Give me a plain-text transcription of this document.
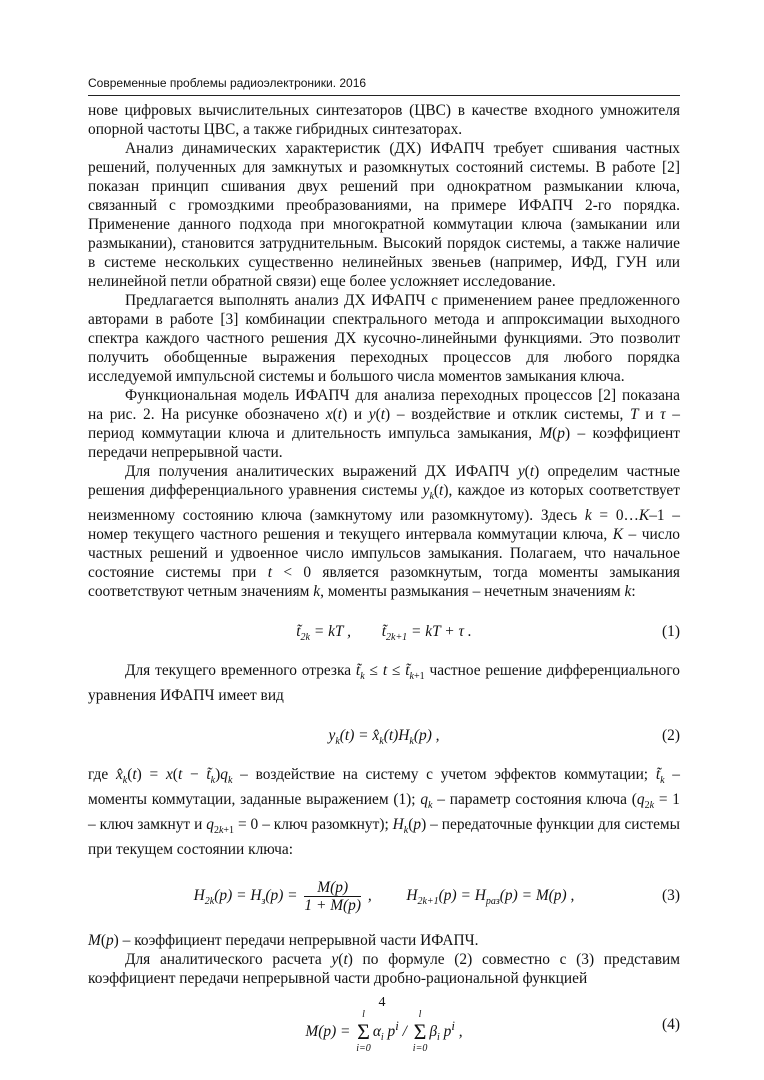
Современные проблемы радиоэлектроники. 2016

нове цифровых вычислительных синтезаторов (ЦВС) в качестве входного умножителя опорной частоты ЦВС, а также гибридных синтезаторах.

Анализ динамических характеристик (ДХ) ИФАПЧ требует сшивания частных решений, полученных для замкнутых и разомкнутых состояний системы. В работе [2] показан принцип сшивания двух решений при однократном размыкании ключа, связанный с громоздкими преобразованиями, на примере ИФАПЧ 2-го порядка. Применение данного подхода при многократной коммутации ключа (замыкании или размыкании), становится затруднительным. Высокий порядок системы, а также наличие в системе нескольких существенно нелинейных звеньев (например, ИФД, ГУН или нелинейной петли обратной связи) еще более усложняет исследование.

Предлагается выполнять анализ ДХ ИФАПЧ с применением ранее предложенного авторами в работе [3] комбинации спектрального метода и аппроксимации выходного спектра каждого частного решения ДХ кусочно-линейными функциями. Это позволит получить обобщенные выражения переходных процессов для любого порядка исследуемой импульсной системы и большого числа моментов замыкания ключа.

Функциональная модель ИФАПЧ для анализа переходных процессов [2] показана на рис. 2. На рисунке обозначено x(t) и y(t) – воздействие и отклик системы, T и τ – период коммутации ключа и длительность импульса замыкания, M(p) – коэффициент передачи непрерывной части.

Для получения аналитических выражений ДХ ИФАПЧ y(t) определим частные решения дифференциального уравнения системы $y_k(t)$, каждое из которых соответствует неизменному состоянию ключа (замкнутому или разомкнутому). Здесь k = 0…K–1 – номер текущего частного решения и текущего интервала коммутации ключа, K – число частных решений и удвоенное число импульсов замыкания. Полагаем, что начальное состояние системы при t < 0 является разомкнутым, тогда моменты замыкания соответствуют четным значениям k, моменты размыкания – нечетным значениям k:

$t̃_{2k}$ = kT ,        $t̃_{2k+1}$ = kT + τ .	(1)

Для текущего временного отрезка $t̃_k \le t$ ≤ $t̃_{k+1}$ частное решение дифференциального уравнения ИФАПЧ имеет вид

$y_k(t)$ = $x̂_k(t)H_k(p)$ ,	(2)

где $x̂_k(t) = x(t$ − $t̃_k)q_k$ – воздействие на систему с учетом эффектов коммутации; $t̃_k$ – моменты коммутации, заданные выражением (1); $q_k$ – параметр состояния ключа ($q_{2k} = 1$ – ключ замкнут и $q_{2k+1} = 0$ – ключ разомкнут); $H_k(p)$ – передаточные функции для системы при текущем состоянии ключа:

$H_{2k}(p) = H_з(p) = \frac{M(p)}{1 + M(p)}$ ,         $H_{2k+1}(p) = H_{раз}(p) = M(p)$ ,	(3)

M(p) – коэффициент передачи непрерывной части ИФАПЧ.

Для аналитического расчета y(t) по формуле (2) совместно с (3) представим коэффициент передачи непрерывной части дробно-рациональной функцией

M(p) =
l
Σ
i=0
$\alpha_i$ $p^i$ /
l
Σ
i=0
$\beta_i$ $p^i$ ,	(4)
4
